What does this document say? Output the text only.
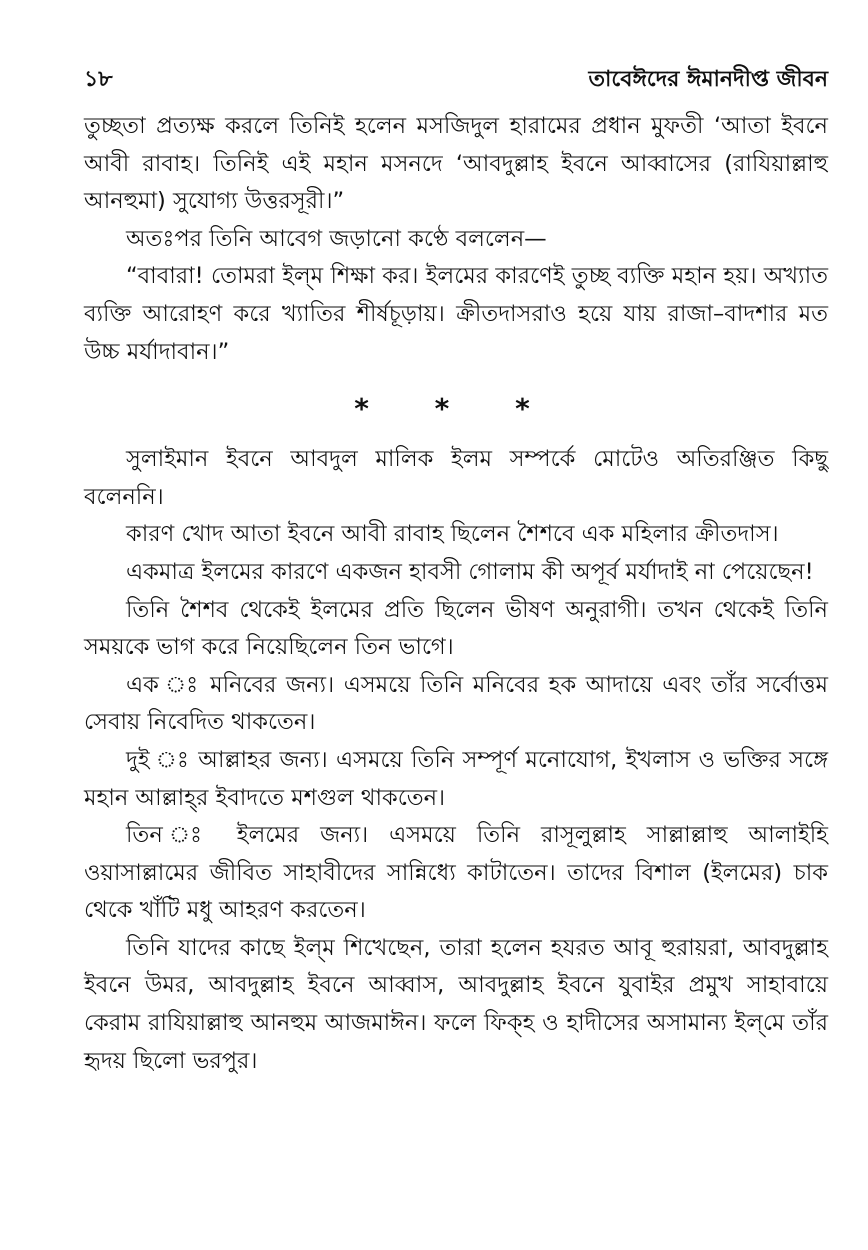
১৮	তাবেঈদের ঈমানদীপ্ত জীবন

তুচ্ছতা প্রত্যক্ষ করলে তিনিই হলেন মসজিদুল হারামের প্রধান মুফতী ‘আতা ইবনে আবী রাবাহ। তিনিই এই মহান মসনদে ‘আবদুল্লাহ ইবনে আব্বাসের (রাযিয়াল্লাহু আনহুমা) সুযোগ্য উত্তরসূরী।”

অতঃপর তিনি আবেগ জড়ানো কণ্ঠে বললেন—

“বাবারা! তোমরা ইল্‌ম শিক্ষা কর। ইলমের কারণেই তুচ্ছ ব্যক্তি মহান হয়। অখ্যাত ব্যক্তি আরোহণ করে খ্যাতির শীর্ষচূড়ায়। ক্রীতদাসরাও হয়ে যায় রাজা–বাদশার মত উচ্চ মর্যাদাবান।”

* * *

সুলাইমান ইবনে আবদুল মালিক ইলম সম্পর্কে মোটেও অতিরঞ্জিত কিছু বলেননি।

কারণ খোদ আতা ইবনে আবী রাবাহ ছিলেন শৈশবে এক মহিলার ক্রীতদাস।

একমাত্র ইলমের কারণে একজন হাবসী গোলাম কী অপূর্ব মর্যাদাই না পেয়েছেন!

তিনি শৈশব থেকেই ইলমের প্রতি ছিলেন ভীষণ অনুরাগী। তখন থেকেই তিনি সময়কে ভাগ করে নিয়েছিলেন তিন ভাগে।

এক ঃ মনিবের জন্য। এসময়ে তিনি মনিবের হক আদায়ে এবং তাঁর সর্বোত্তম সেবায় নিবেদিত থাকতেন।

দুই ঃ আল্লাহর জন্য। এসময়ে তিনি সম্পূর্ণ মনোযোগ, ইখলাস ও ভক্তির সঙ্গে মহান আল্লাহ্‌র ইবাদতে মশগুল থাকতেন।

তিন ঃ ইলমের জন্য। এসময়ে তিনি রাসূলুল্লাহ সাল্লাল্লাহু আলাইহি ওয়াসাল্লামের জীবিত সাহাবীদের সান্নিধ্যে কাটাতেন। তাদের বিশাল (ইলমের) চাক থেকে খাঁটি মধু আহরণ করতেন।

তিনি যাদের কাছে ইল্‌ম শিখেছেন, তারা হলেন হযরত আবূ হুরায়রা, আবদুল্লাহ ইবনে উমর, আবদুল্লাহ ইবনে আব্বাস, আবদুল্লাহ ইবনে যুবাইর প্রমুখ সাহাবায়ে কেরাম রাযিয়াল্লাহু আনহুম আজমাঈন। ফলে ফিক্‌হ ও হাদীসের অসামান্য ইল্‌মে তাঁর হৃদয় ছিলো ভরপুর।
